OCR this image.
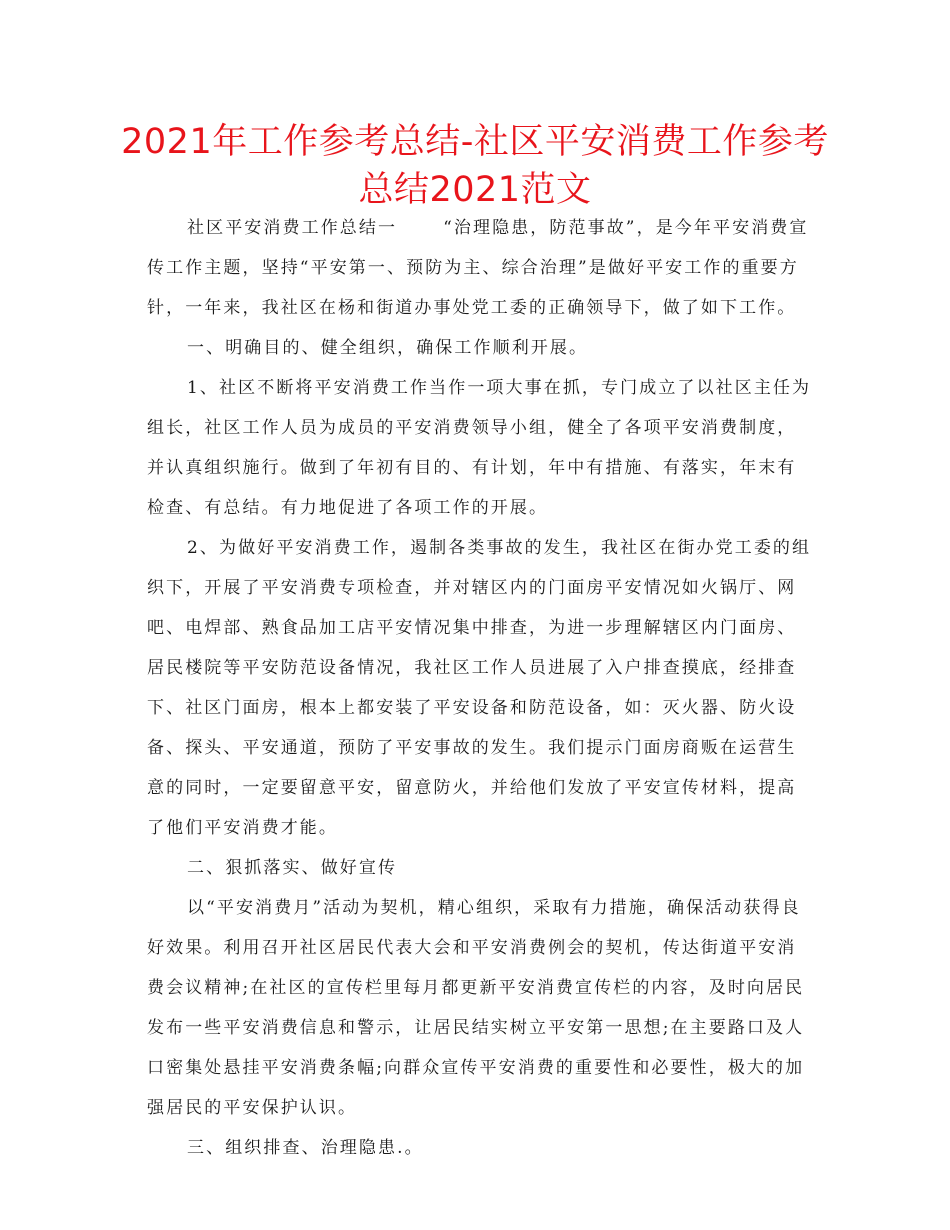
2021年工作参考总结-社区平安消费工作参考总结2021范文

社区平安消费工作总结一	“治理隐患，防范事故”，是今年平安消费宣传工作主题，坚持“平安第一、预防为主、综合治理”是做好平安工作的重要方针，一年来，我社区在杨和街道办事处党工委的正确领导下，做了如下工作。

一、明确目的、健全组织，确保工作顺利开展。

1、社区不断将平安消费工作当作一项大事在抓，专门成立了以社区主任为组长，社区工作人员为成员的平安消费领导小组，健全了各项平安消费制度，并认真组织施行。做到了年初有目的、有计划，年中有措施、有落实，年末有检查、有总结。有力地促进了各项工作的开展。

2、为做好平安消费工作，遏制各类事故的发生，我社区在街办党工委的组织下，开展了平安消费专项检查，并对辖区内的门面房平安情况如火锅厅、网吧、电焊部、熟食品加工店平安情况集中排查，为进一步理解辖区内门面房、居民楼院等平安防范设备情况，我社区工作人员进展了入户排查摸底，经排查下、社区门面房，根本上都安装了平安设备和防范设备，如：灭火器、防火设备、探头、平安通道，预防了平安事故的发生。我们提示门面房商贩在运营生意的同时，一定要留意平安，留意防火，并给他们发放了平安宣传材料，提高了他们平安消费才能。

二、狠抓落实、做好宣传

以“平安消费月”活动为契机，精心组织，采取有力措施，确保活动获得良好效果。利用召开社区居民代表大会和平安消费例会的契机，传达街道平安消费会议精神;在社区的宣传栏里每月都更新平安消费宣传栏的内容，及时向居民发布一些平安消费信息和警示，让居民结实树立平安第一思想;在主要路口及人口密集处悬挂平安消费条幅;向群众宣传平安消费的重要性和必要性，极大的加强居民的平安保护认识。

三、组织排查、治理隐患.。
